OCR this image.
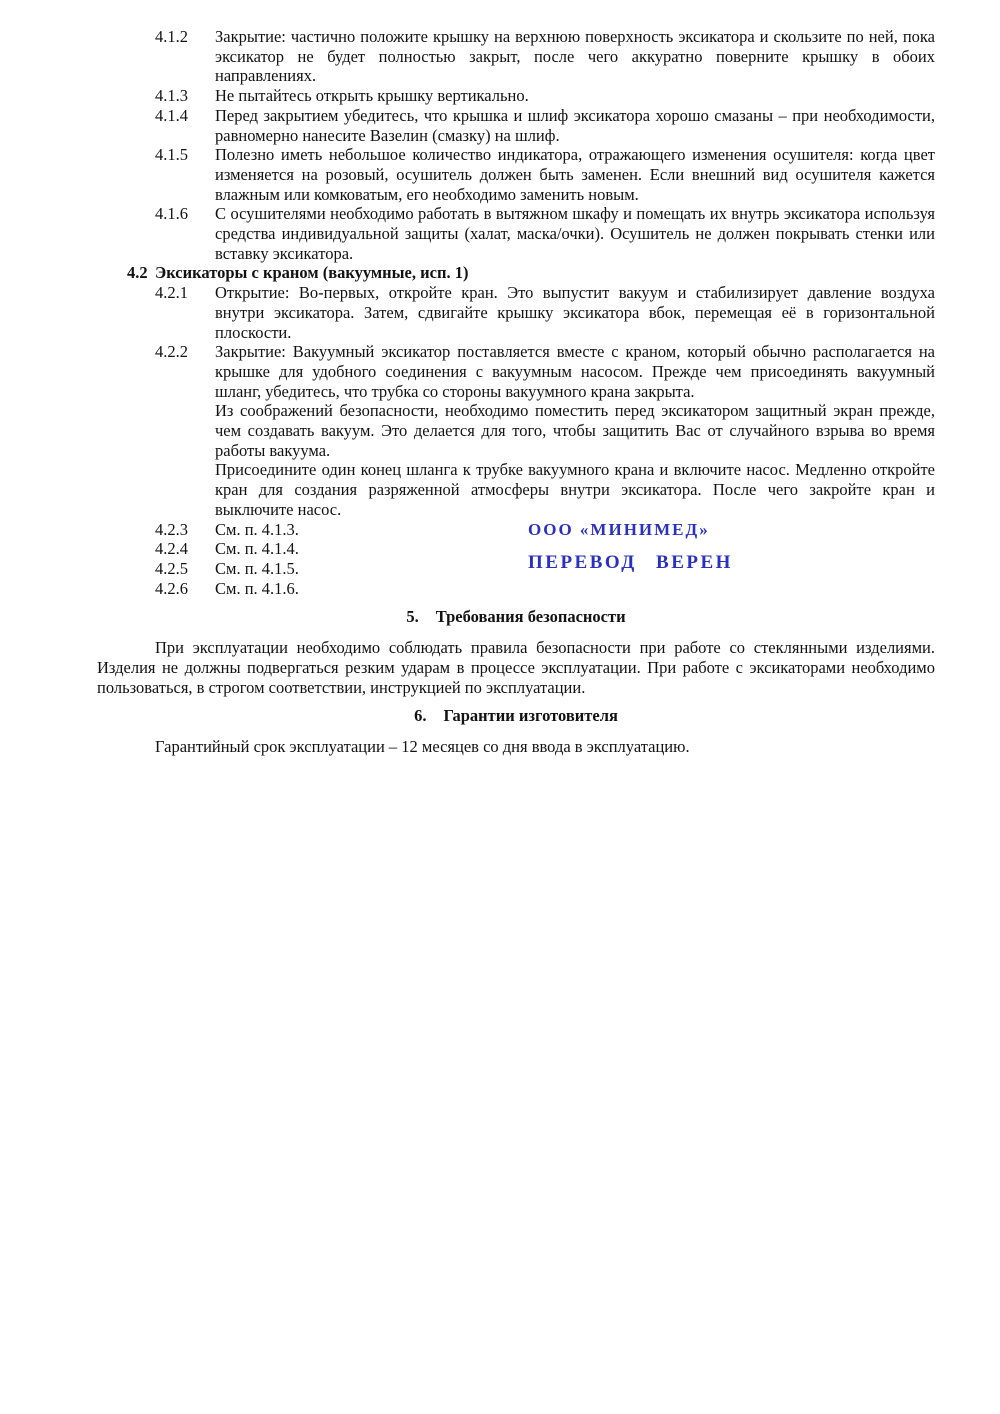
4.1.2 Закрытие: частично положите крышку на верхнюю поверхность эксикатора и скользите по ней, пока эксикатор не будет полностью закрыт, после чего аккуратно поверните крышку в обоих направлениях.
4.1.3 Не пытайтесь открыть крышку вертикально.
4.1.4 Перед закрытием убедитесь, что крышка и шлиф эксикатора хорошо смазаны – при необходимости, равномерно нанесите Вазелин (смазку) на шлиф.
4.1.5 Полезно иметь небольшое количество индикатора, отражающего изменения осушителя: когда цвет изменяется на розовый, осушитель должен быть заменен. Если внешний вид осушителя кажется влажным или комковатым, его необходимо заменить новым.
4.1.6 С осушителями необходимо работать в вытяжном шкафу и помещать их внутрь эксикатора используя средства индивидуальной защиты (халат, маска/очки). Осушитель не должен покрывать стенки или вставку эксикатора.
4.2 Эксикаторы с краном (вакуумные, исп. 1)
4.2.1 Открытие: Во-первых, откройте кран. Это выпустит вакуум и стабилизирует давление воздуха внутри эксикатора. Затем, сдвигайте крышку эксикатора вбок, перемещая её в горизонтальной плоскости.
4.2.2 Закрытие: Вакуумный эксикатор поставляется вместе с краном, который обычно располагается на крышке для удобного соединения с вакуумным насосом. Прежде чем присоединять вакуумный шланг, убедитесь, что трубка со стороны вакуумного крана закрыта.
Из соображений безопасности, необходимо поместить перед эксикатором защитный экран прежде, чем создавать вакуум. Это делается для того, чтобы защитить Вас от случайного взрыва во время работы вакуума.
Присоедините один конец шланга к трубке вакуумного крана и включите насос. Медленно откройте кран для создания разряженной атмосферы внутри эксикатора. После чего закройте кран и выключите насос.
4.2.3 См. п. 4.1.3.
4.2.4 См. п. 4.1.4.
4.2.5 См. п. 4.1.5.
4.2.6 См. п. 4.1.6.
5. Требования безопасности
При эксплуатации необходимо соблюдать правила безопасности при работе со стеклянными изделиями. Изделия не должны подвергаться резким ударам в процессе эксплуатации. При работе с эксикаторами необходимо пользоваться, в строгом соответствии, инструкцией по эксплуатации.
6. Гарантии изготовителя
Гарантийный срок эксплуатации – 12 месяцев со дня ввода в эксплуатацию.
ООО «МИНИМЕД»
ПЕРЕВОД ВЕРЕН
